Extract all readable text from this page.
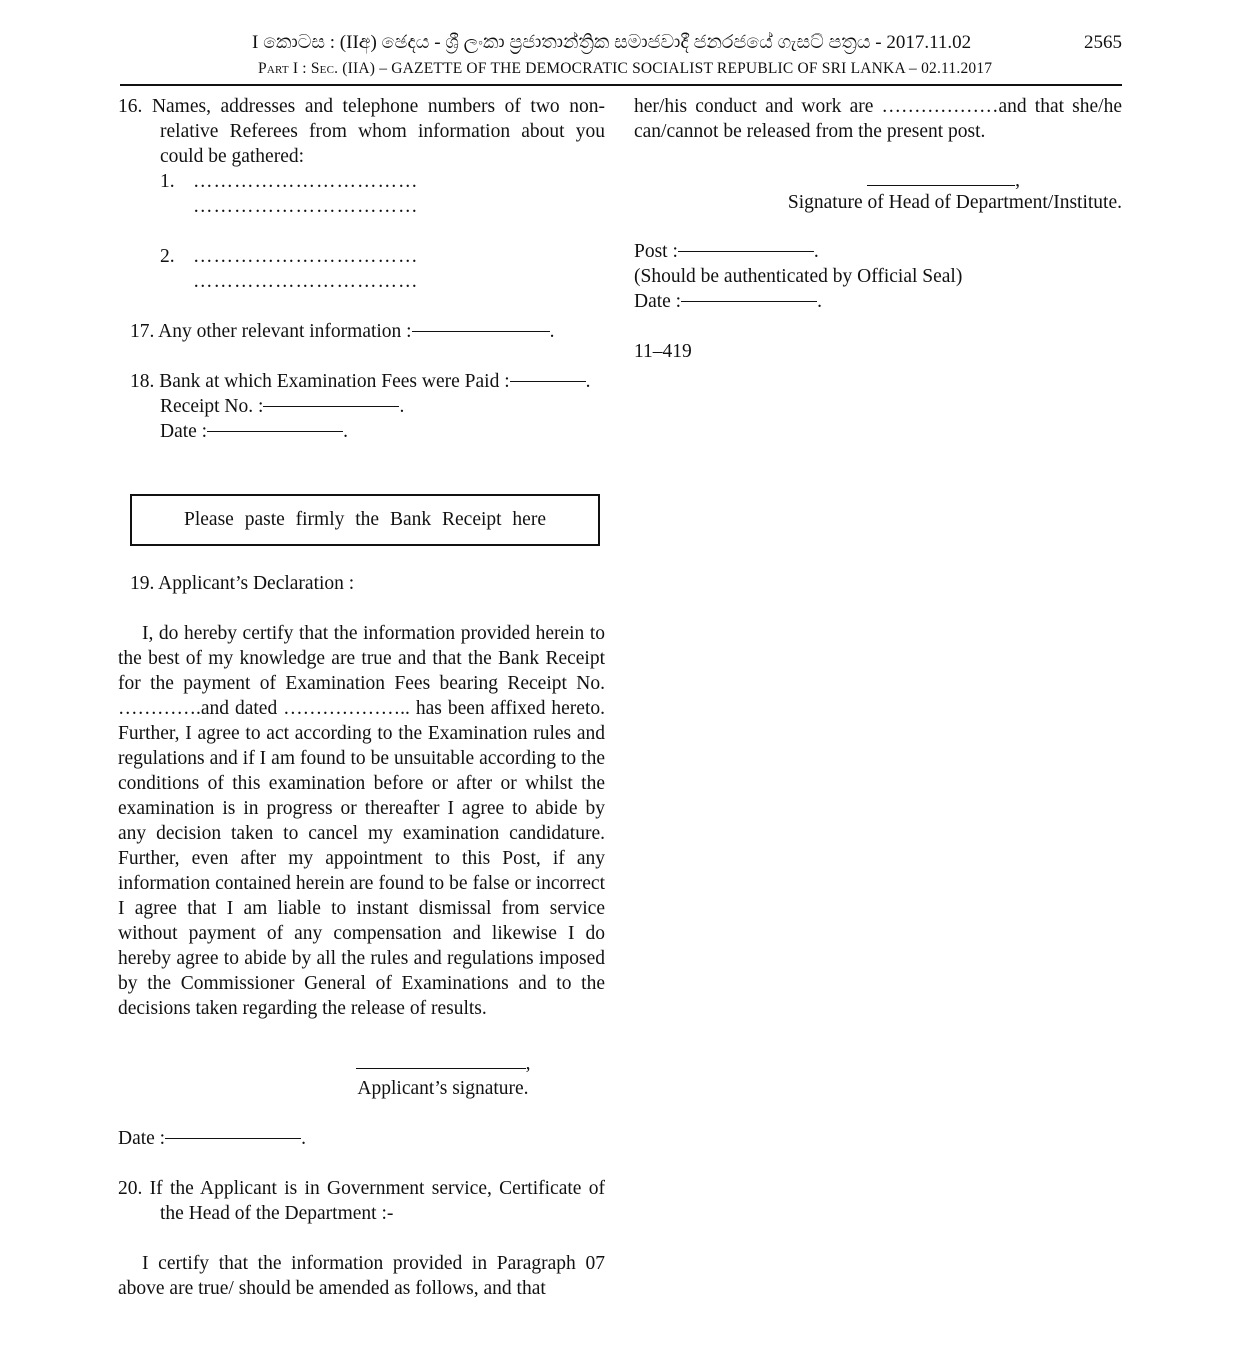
I කොටස : (IIඅ) ඡෙදය - ශ්‍රී ලංකා ප්‍රජාතාන්ත්‍රික සමාජවාදී ජනරජයේ ගැසට් පත්‍රය - 2017.11.02	2565
Part I : Sec. (IIA) – GAZETTE OF THE DEMOCRATIC SOCIALIST REPUBLIC OF SRI LANKA – 02.11.2017
16. Names, addresses and telephone numbers of two non-relative Referees from whom information about you could be gathered:
1. ……………………………
……………………………
2. ……………………………
……………………………
17. Any other relevant information :	.
18. Bank at which Examination Fees were Paid :	.
Receipt No. :	.
Date :	.
Please paste firmly the Bank Receipt here
19. Applicant’s Declaration :
I, do hereby certify that the information provided herein to the best of my knowledge are true and that the Bank Receipt for the payment of Examination Fees bearing Receipt No. ………….and dated ……………….. has been affixed hereto. Further, I agree to act according to the Examination rules and regulations and if I am found to be unsuitable according to the conditions of this examination before or after or whilst the examination is in progress or thereafter I agree to abide by any decision taken to cancel my examination candidature. Further, even after my appointment to this Post, if any information contained herein are found to be false or incorrect I agree that I am liable to instant dismissal from service without payment of any compensation and likewise I do hereby agree to abide by all the rules and regulations imposed by the Commissioner General of Examinations and to the decisions taken regarding the release of results.
,
Applicant’s signature.
Date :	.
20. If the Applicant is in Government service, Certificate of the Head of the Department :-
I certify that the information provided in Paragraph 07 above are true/ should be amended as follows, and that
her/his conduct and work are ………………and that she/he can/cannot be released from the present post.
,
Signature of Head of Department/Institute.
Post :	.
(Should be authenticated by Official Seal)
Date :	.
11–419
